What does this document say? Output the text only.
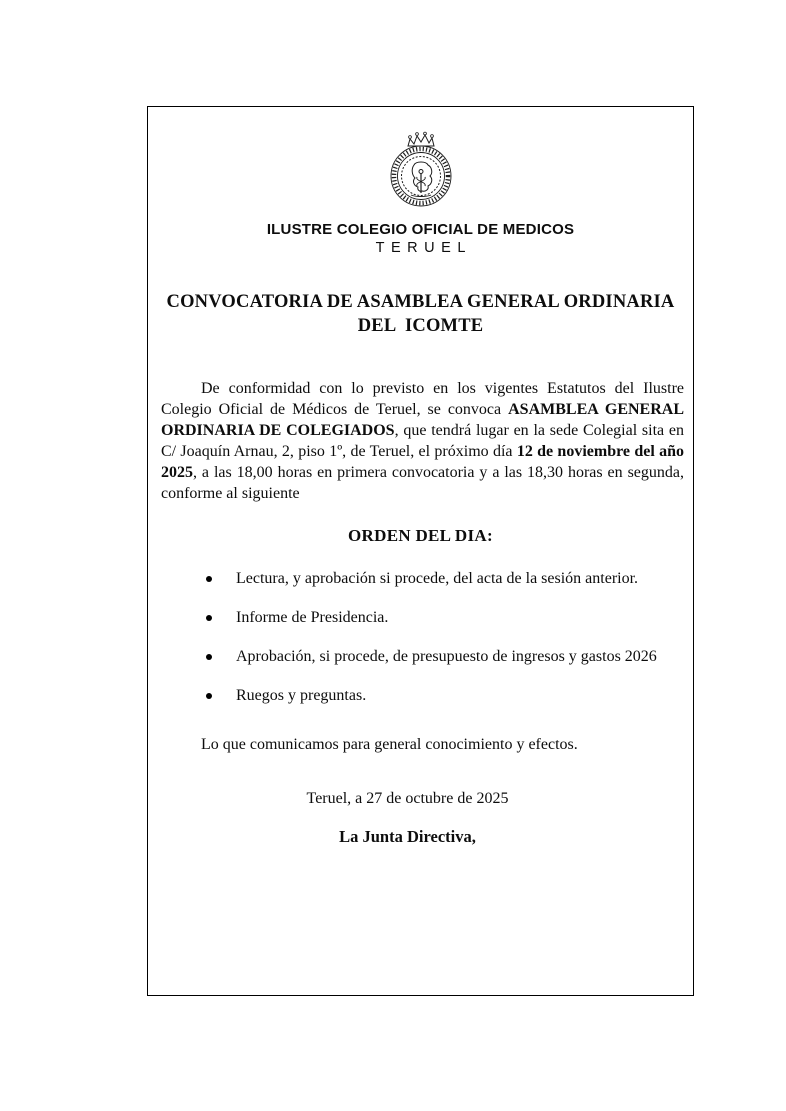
ILUSTRE COLEGIO OFICIAL DE MEDICOS
TERUEL
CONVOCATORIA DE ASAMBLEA GENERAL ORDINARIA
DEL  ICOMTE

De conformidad con lo previsto en los vigentes Estatutos del Ilustre Colegio Oficial de Médicos de Teruel, se convoca ASAMBLEA GENERAL ORDINARIA DE COLEGIADOS, que tendrá lugar en la sede Colegial sita en C/ Joaquín Arnau, 2, piso 1º, de Teruel, el próximo día 12 de noviembre del año 2025, a las 18,00 horas en primera convocatoria y a las 18,30 horas en segunda, conforme al siguiente

ORDEN DEL DIA:
Lectura, y aprobación si procede, del acta de la sesión anterior.
Informe de Presidencia.
Aprobación, si procede, de presupuesto de ingresos y gastos 2026
Ruegos y preguntas.

Lo que comunicamos para general conocimiento y efectos.

Teruel, a 27 de octubre de 2025
La Junta Directiva,
